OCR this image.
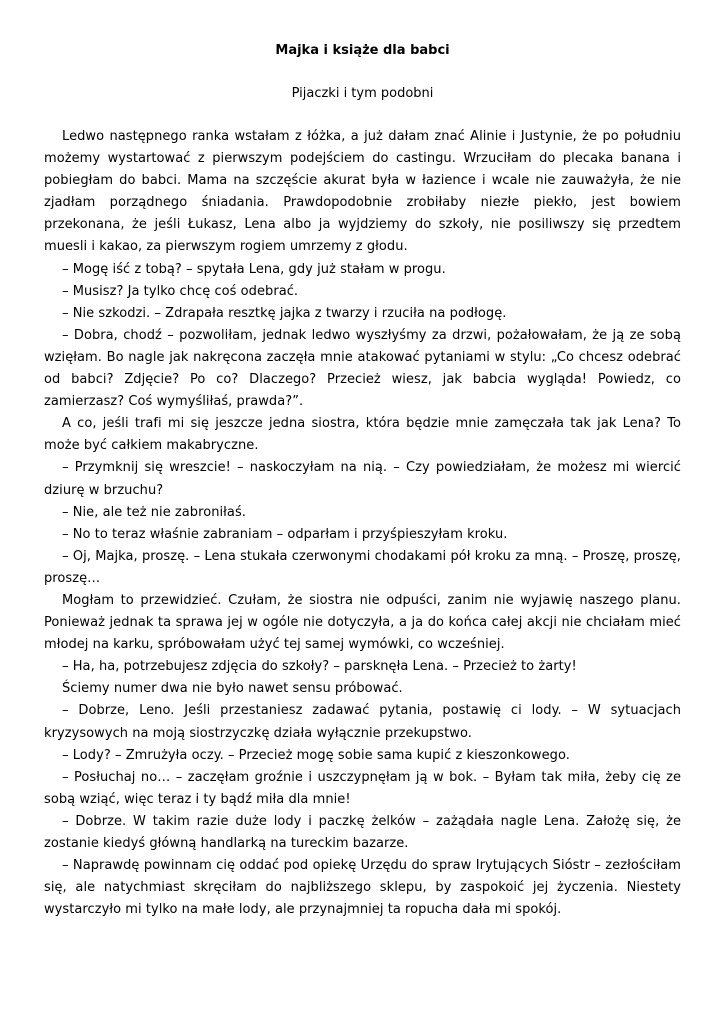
Majka i książe dla babci
Pijaczki i tym podobni

Ledwo następnego ranka wstałam z łóżka, a już dałam znać Alinie i Justynie, że po południu możemy wystartować z pierwszym podejściem do castingu. Wrzuciłam do plecaka banana i pobiegłam do babci. Mama na szczęście akurat była w łazience i wcale nie zauważyła, że nie zjadłam porządnego śniadania. Prawdopodobnie zrobiłaby niezłe piekło, jest bowiem przekonana, że jeśli Łukasz, Lena albo ja wyjdziemy do szkoły, nie posiliwszy się przedtem muesli i kakao, za pierwszym rogiem umrzemy z głodu.

– Mogę iść z tobą? – spytała Lena, gdy już stałam w progu.

– Musisz? Ja tylko chcę coś odebrać.

– Nie szkodzi. – Zdrapała resztkę jajka z twarzy i rzuciła na podłogę.

– Dobra, chodź – pozwoliłam, jednak ledwo wyszłyśmy za drzwi, pożałowałam, że ją ze sobą wzięłam. Bo nagle jak nakręcona zaczęła mnie atakować pytaniami w stylu: „Co chcesz odebrać od babci? Zdjęcie? Po co? Dlaczego? Przecież wiesz, jak babcia wygląda! Powiedz, co zamierzasz? Coś wymyśliłaś, prawda?”.

A co, jeśli trafi mi się jeszcze jedna siostra, która będzie mnie zamęczała tak jak Lena? To może być całkiem makabryczne.

– Przymknij się wreszcie! – naskoczyłam na nią. – Czy powiedziałam, że możesz mi wiercić dziurę w brzuchu?

– Nie, ale też nie zabroniłaś.

– No to teraz właśnie zabraniam – odparłam i przyśpieszyłam kroku.

– Oj, Majka, proszę. – Lena stukała czerwonymi chodakami pół kroku za mną. – Proszę, proszę, proszę…

Mogłam to przewidzieć. Czułam, że siostra nie odpuści, zanim nie wyjawię naszego planu. Ponieważ jednak ta sprawa jej w ogóle nie dotyczyła, a ja do końca całej akcji nie chciałam mieć młodej na karku, spróbowałam użyć tej samej wymówki, co wcześniej.

– Ha, ha, potrzebujesz zdjęcia do szkoły? – parsknęła Lena. – Przecież to żarty!

Ściemy numer dwa nie było nawet sensu próbować.

– Dobrze, Leno. Jeśli przestaniesz zadawać pytania, postawię ci lody. – W sytuacjach kryzysowych na moją siostrzyczkę działa wyłącznie przekupstwo.

– Lody? – Zmrużyła oczy. – Przecież mogę sobie sama kupić z kieszonkowego.

– Posłuchaj no… – zaczęłam groźnie i uszczypnęłam ją w bok. – Byłam tak miła, żeby cię ze sobą wziąć, więc teraz i ty bądź miła dla mnie!

– Dobrze. W takim razie duże lody i paczkę żelków – zażądała nagle Lena. Założę się, że zostanie kiedyś główną handlarką na tureckim bazarze.

– Naprawdę powinnam cię oddać pod opiekę Urzędu do spraw Irytujących Sióstr – zezłościłam się, ale natychmiast skręciłam do najbliższego sklepu, by zaspokoić jej życzenia. Niestety wystarczyło mi tylko na małe lody, ale przynajmniej ta ropucha dała mi spokój.
